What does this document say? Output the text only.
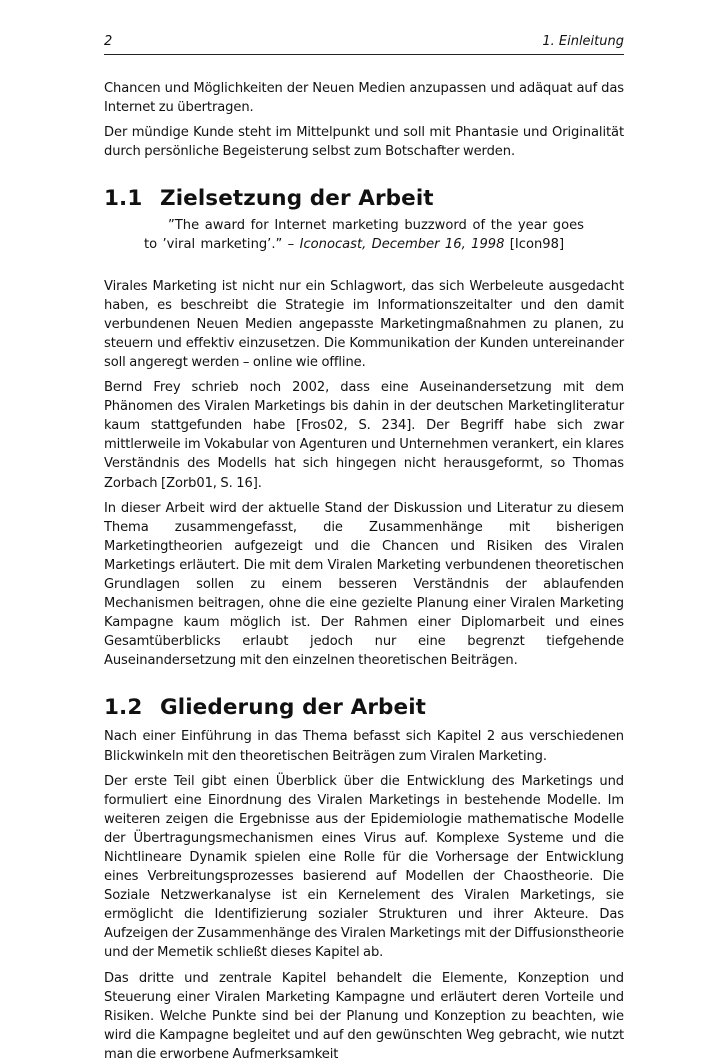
2	1. Einleitung

Chancen und Möglichkeiten der Neuen Medien anzupassen und adäquat auf das Internet zu übertragen.

Der mündige Kunde steht im Mittelpunkt und soll mit Phantasie und Originalität durch persönliche Begeisterung selbst zum Botschafter werden.

1.1 Zielsetzung der Arbeit
”The award for Internet marketing buzzword of the year goes to ’viral marketing’.” – Iconocast, December 16, 1998 [Icon98]

Virales Marketing ist nicht nur ein Schlagwort, das sich Werbeleute ausgedacht haben, es beschreibt die Strategie im Informationszeitalter und den damit verbundenen Neuen Medien angepasste Marketingmaßnahmen zu planen, zu steuern und effektiv einzusetzen. Die Kommunikation der Kunden untereinander soll angeregt werden – online wie offline.

Bernd Frey schrieb noch 2002, dass eine Auseinandersetzung mit dem Phänomen des Viralen Marketings bis dahin in der deutschen Marketingliteratur kaum stattgefunden habe [Fros02, S. 234]. Der Begriff habe sich zwar mittlerweile im Vokabular von Agenturen und Unternehmen verankert, ein klares Verständnis des Modells hat sich hingegen nicht herausgeformt, so Thomas Zorbach [Zorb01, S. 16].

In dieser Arbeit wird der aktuelle Stand der Diskussion und Literatur zu diesem Thema zusammengefasst, die Zusammenhänge mit bisherigen Marketingtheorien aufgezeigt und die Chancen und Risiken des Viralen Marketings erläutert. Die mit dem Viralen Marketing verbundenen theoretischen Grundlagen sollen zu einem besseren Verständnis der ablaufenden Mechanismen beitragen, ohne die eine gezielte Planung einer Viralen Marketing Kampagne kaum möglich ist. Der Rahmen einer Diplomarbeit und eines Gesamtüberblicks erlaubt jedoch nur eine begrenzt tiefgehende Auseinandersetzung mit den einzelnen theoretischen Beiträgen.

1.2 Gliederung der Arbeit

Nach einer Einführung in das Thema befasst sich Kapitel 2 aus verschiedenen Blickwinkeln mit den theoretischen Beiträgen zum Viralen Marketing.

Der erste Teil gibt einen Überblick über die Entwicklung des Marketings und formuliert eine Einordnung des Viralen Marketings in bestehende Modelle. Im weiteren zeigen die Ergebnisse aus der Epidemiologie mathematische Modelle der Übertragungsmechanismen eines Virus auf. Komplexe Systeme und die Nichtlineare Dynamik spielen eine Rolle für die Vorhersage der Entwicklung eines Verbreitungsprozesses basierend auf Modellen der Chaostheorie. Die Soziale Netzwerkanalyse ist ein Kernelement des Viralen Marketings, sie ermöglicht die Identifizierung sozialer Strukturen und ihrer Akteure. Das Aufzeigen der Zusammenhänge des Viralen Marketings mit der Diffusionstheorie und der Memetik schließt dieses Kapitel ab.

Das dritte und zentrale Kapitel behandelt die Elemente, Konzeption und Steuerung einer Viralen Marketing Kampagne und erläutert deren Vorteile und Risiken. Welche Punkte sind bei der Planung und Konzeption zu beachten, wie wird die Kampagne begleitet und auf den gewünschten Weg gebracht, wie nutzt man die erworbene Aufmerksamkeit
